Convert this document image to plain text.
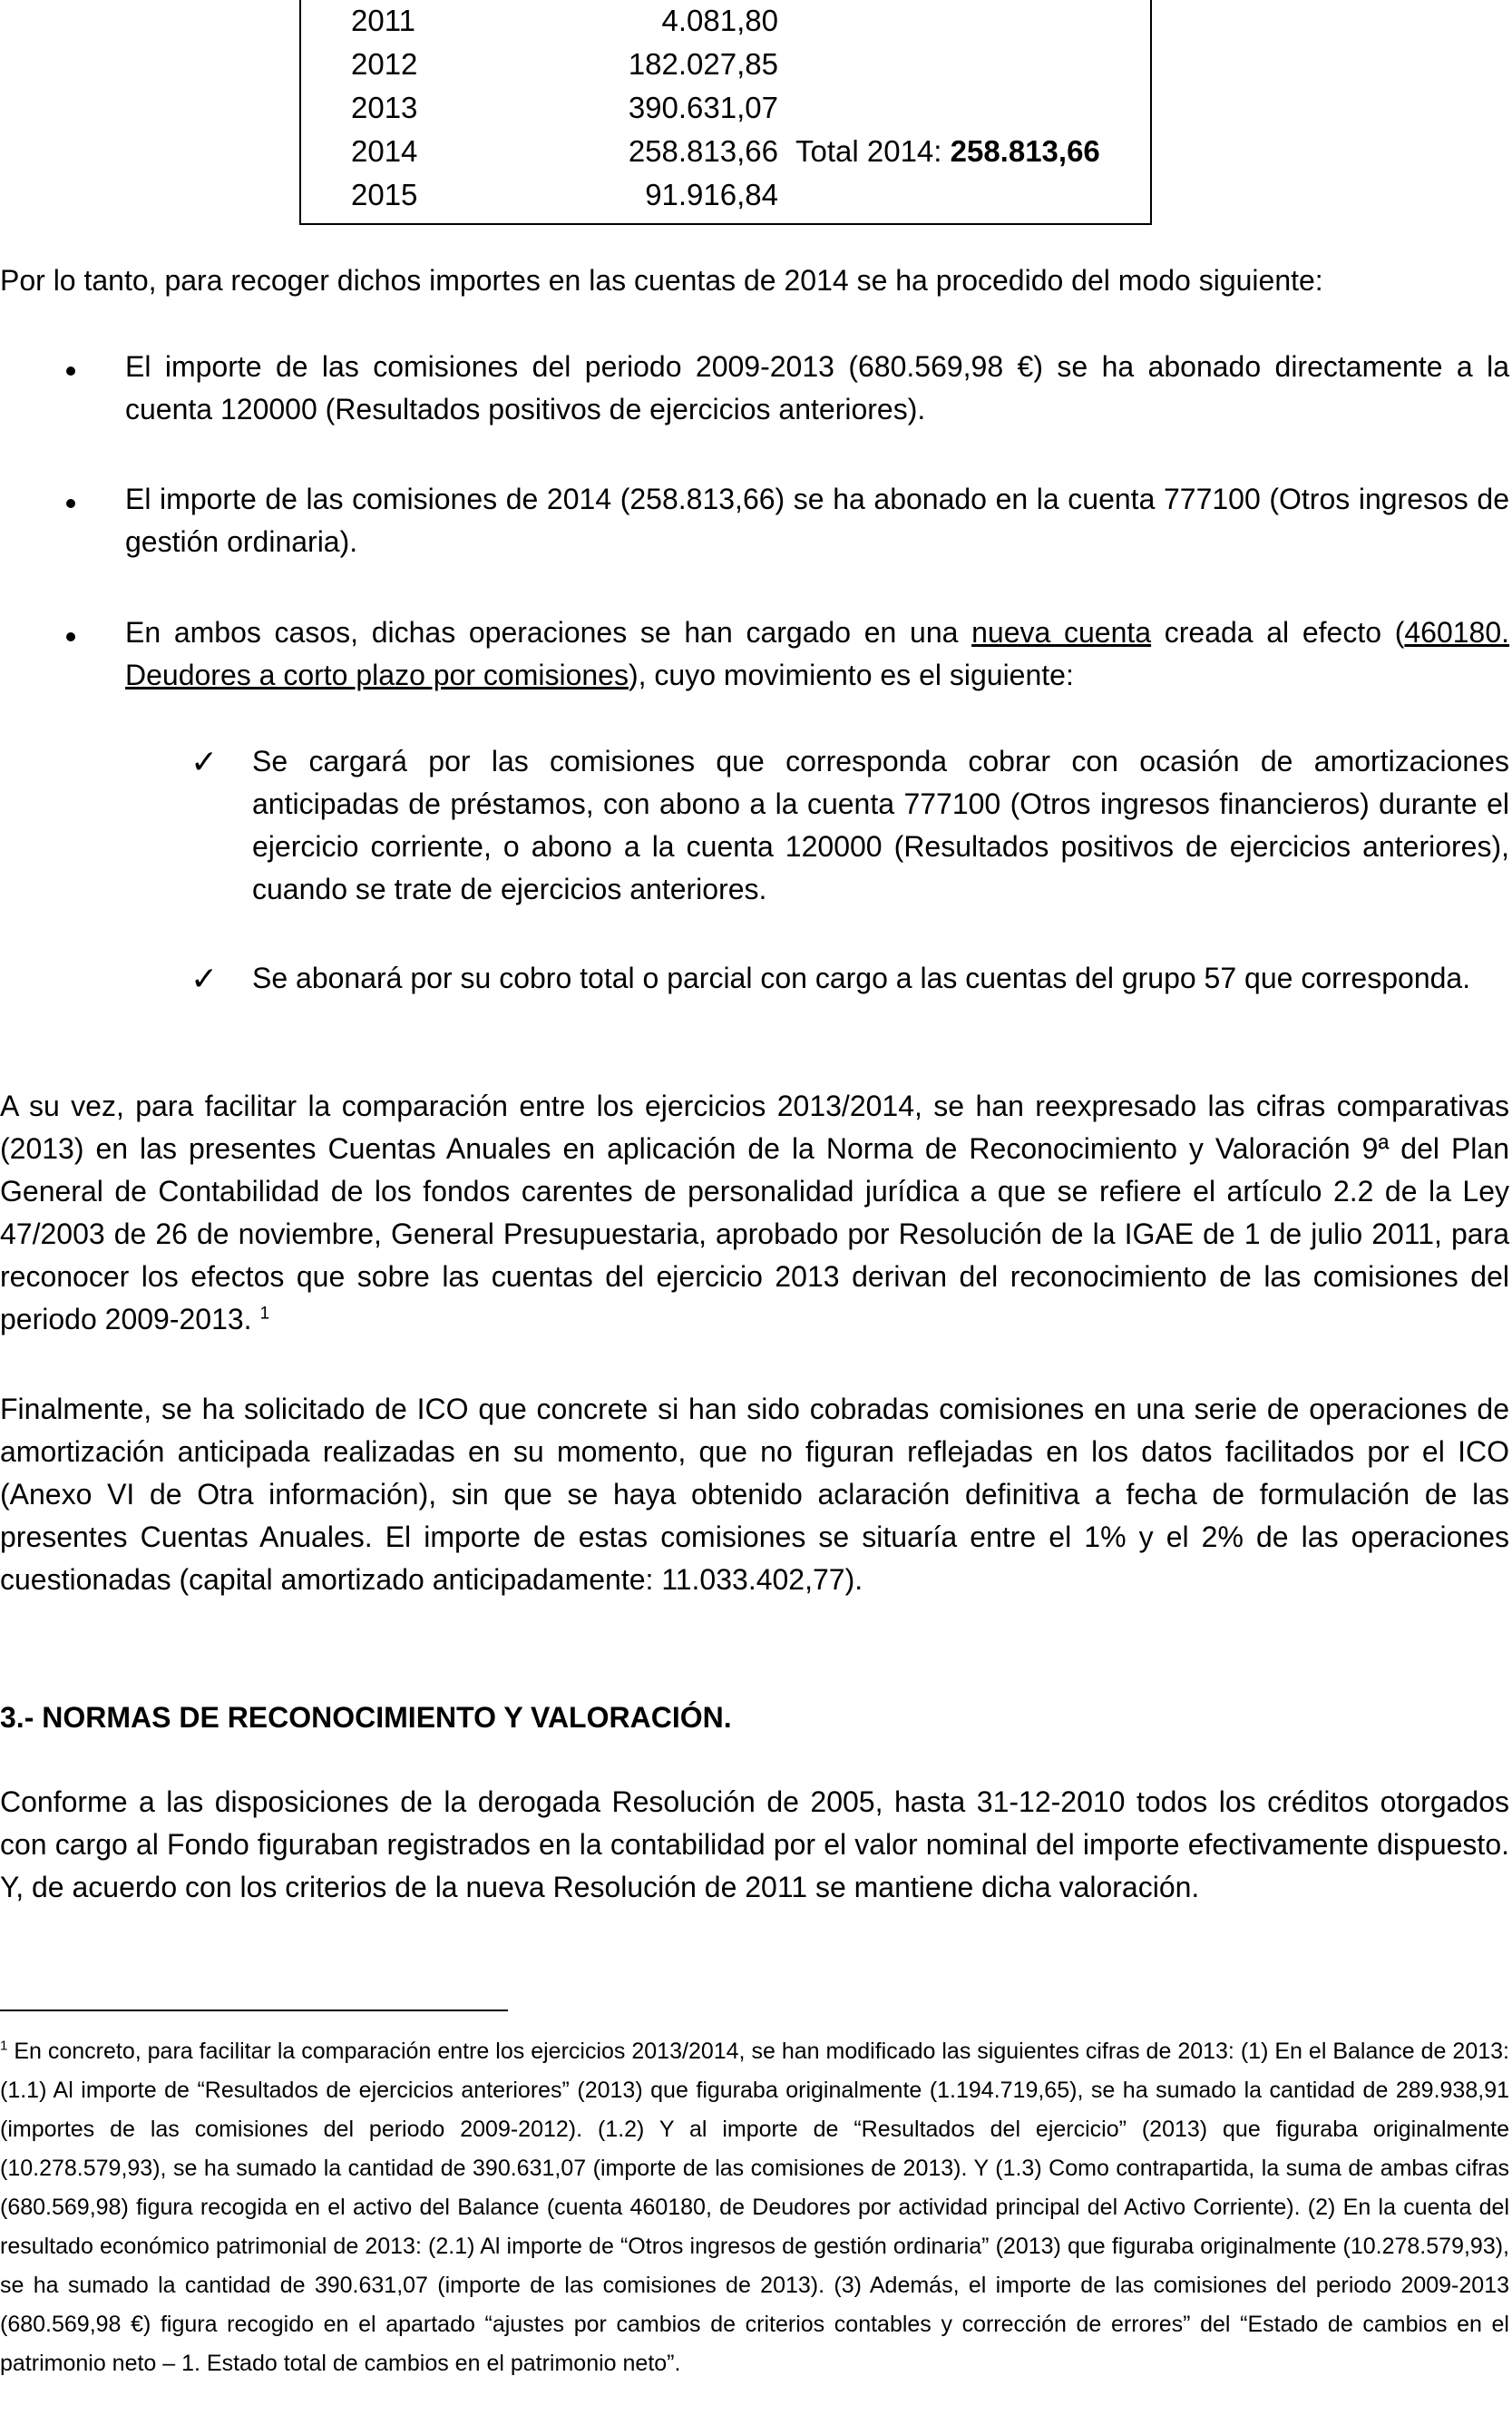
2011	4.081,80
2012	182.027,85
2013	390.631,07
2014	258.813,66 Total 2014: 258.813,66
2015	91.916,84
Por lo tanto, para recoger dichos importes en las cuentas de 2014 se ha procedido del modo siguiente:
El importe de las comisiones del periodo 2009-2013 (680.569,98 €) se ha abonado directamente a la cuenta 120000 (Resultados positivos de ejercicios anteriores).
El importe de las comisiones de 2014 (258.813,66) se ha abonado en la cuenta 777100 (Otros ingresos de gestión ordinaria).
En ambos casos, dichas operaciones se han cargado en una nueva cuenta creada al efecto (460180. Deudores a corto plazo por comisiones), cuyo movimiento es el siguiente:
✓ Se cargará por las comisiones que corresponda cobrar con ocasión de amortizaciones anticipadas de préstamos, con abono a la cuenta 777100 (Otros ingresos financieros) durante el ejercicio corriente, o abono a la cuenta 120000 (Resultados positivos de ejercicios anteriores), cuando se trate de ejercicios anteriores.
✓ Se abonará por su cobro total o parcial con cargo a las cuentas del grupo 57 que corresponda.
A su vez, para facilitar la comparación entre los ejercicios 2013/2014, se han reexpresado las cifras comparativas (2013) en las presentes Cuentas Anuales en aplicación de la Norma de Reconocimiento y Valoración 9ª del Plan General de Contabilidad de los fondos carentes de personalidad jurídica a que se refiere el artículo 2.2 de la Ley 47/2003 de 26 de noviembre, General Presupuestaria, aprobado por Resolución de la IGAE de 1 de julio 2011, para reconocer los efectos que sobre las cuentas del ejercicio 2013 derivan del reconocimiento de las comisiones del periodo 2009-2013. $^1$
Finalmente, se ha solicitado de ICO que concrete si han sido cobradas comisiones en una serie de operaciones de amortización anticipada realizadas en su momento, que no figuran reflejadas en los datos facilitados por el ICO (Anexo VI de Otra información), sin que se haya obtenido aclaración definitiva a fecha de formulación de las presentes Cuentas Anuales. El importe de estas comisiones se situaría entre el 1% y el 2% de las operaciones cuestionadas (capital amortizado anticipadamente: 11.033.402,77).
3.- NORMAS DE RECONOCIMIENTO Y VALORACIÓN.
Conforme a las disposiciones de la derogada Resolución de 2005, hasta 31-12-2010 todos los créditos otorgados con cargo al Fondo figuraban registrados en la contabilidad por el valor nominal del importe efectivamente dispuesto. Y, de acuerdo con los criterios de la nueva Resolución de 2011 se mantiene dicha valoración.
$^1$ En concreto, para facilitar la comparación entre los ejercicios 2013/2014, se han modificado las siguientes cifras de 2013: (1) En el Balance de 2013: (1.1) Al importe de “Resultados de ejercicios anteriores” (2013) que figuraba originalmente (1.194.719,65), se ha sumado la cantidad de 289.938,91 (importes de las comisiones del periodo 2009-2012). (1.2) Y al importe de “Resultados del ejercicio” (2013) que figuraba originalmente (10.278.579,93), se ha sumado la cantidad de 390.631,07 (importe de las comisiones de 2013). Y (1.3) Como contrapartida, la suma de ambas cifras (680.569,98) figura recogida en el activo del Balance (cuenta 460180, de Deudores por actividad principal del Activo Corriente). (2) En la cuenta del resultado económico patrimonial de 2013: (2.1) Al importe de “Otros ingresos de gestión ordinaria” (2013) que figuraba originalmente (10.278.579,93), se ha sumado la cantidad de 390.631,07 (importe de las comisiones de 2013). (3) Además, el importe de las comisiones del periodo 2009-2013 (680.569,98 €) figura recogido en el apartado “ajustes por cambios de criterios contables y corrección de errores” del “Estado de cambios en el patrimonio neto – 1. Estado total de cambios en el patrimonio neto”.
